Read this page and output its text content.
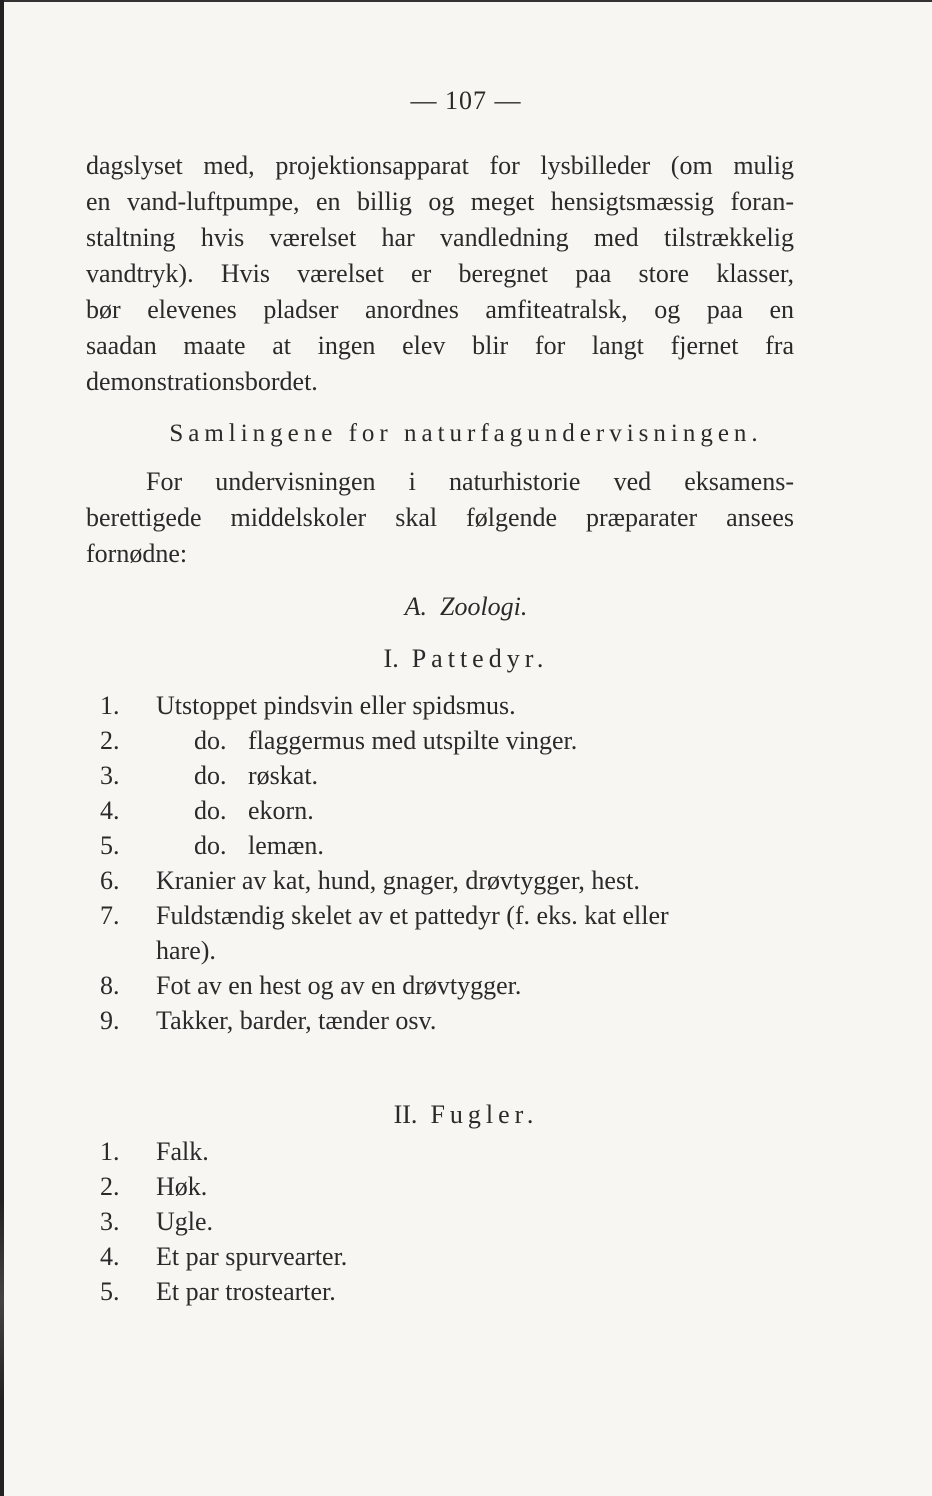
— 107 —

dagslyset med, projektionsapparat for lysbilleder (om mulig
en vand-luftpumpe, en billig og meget hensigtsmæssig foran-
staltning hvis værelset har vandledning med tilstrækkelig
vandtryk). Hvis værelset er beregnet paa store klasser,
bør elevenes pladser anordnes amfiteatralsk, og paa en
saadan maate at ingen elev blir for langt fjernet fra
demonstrationsbordet.

Samlingene for naturfagundervisningen.

For undervisningen i naturhistorie ved eksamens-
berettigede middelskoler skal følgende præparater ansees
fornødne:

A. Zoologi.
I. Pattedyr.
1. Utstoppet pindsvin eller spidsmus.
2.	do. flaggermus med utspilte vinger.
3.	do. røskat.
4.	do. ekorn.
5.	do. lemæn.
6. Kranier av kat, hund, gnager, drøvtygger, hest.
7. Fuldstændig skelet av et pattedyr (f. eks. kat eller
hare).
8. Fot av en hest og av en drøvtygger.
9. Takker, barder, tænder osv.
II. Fugler.
1. Falk.
2. Høk.
3. Ugle.
4. Et par spurvearter.
5. Et par trostearter.
